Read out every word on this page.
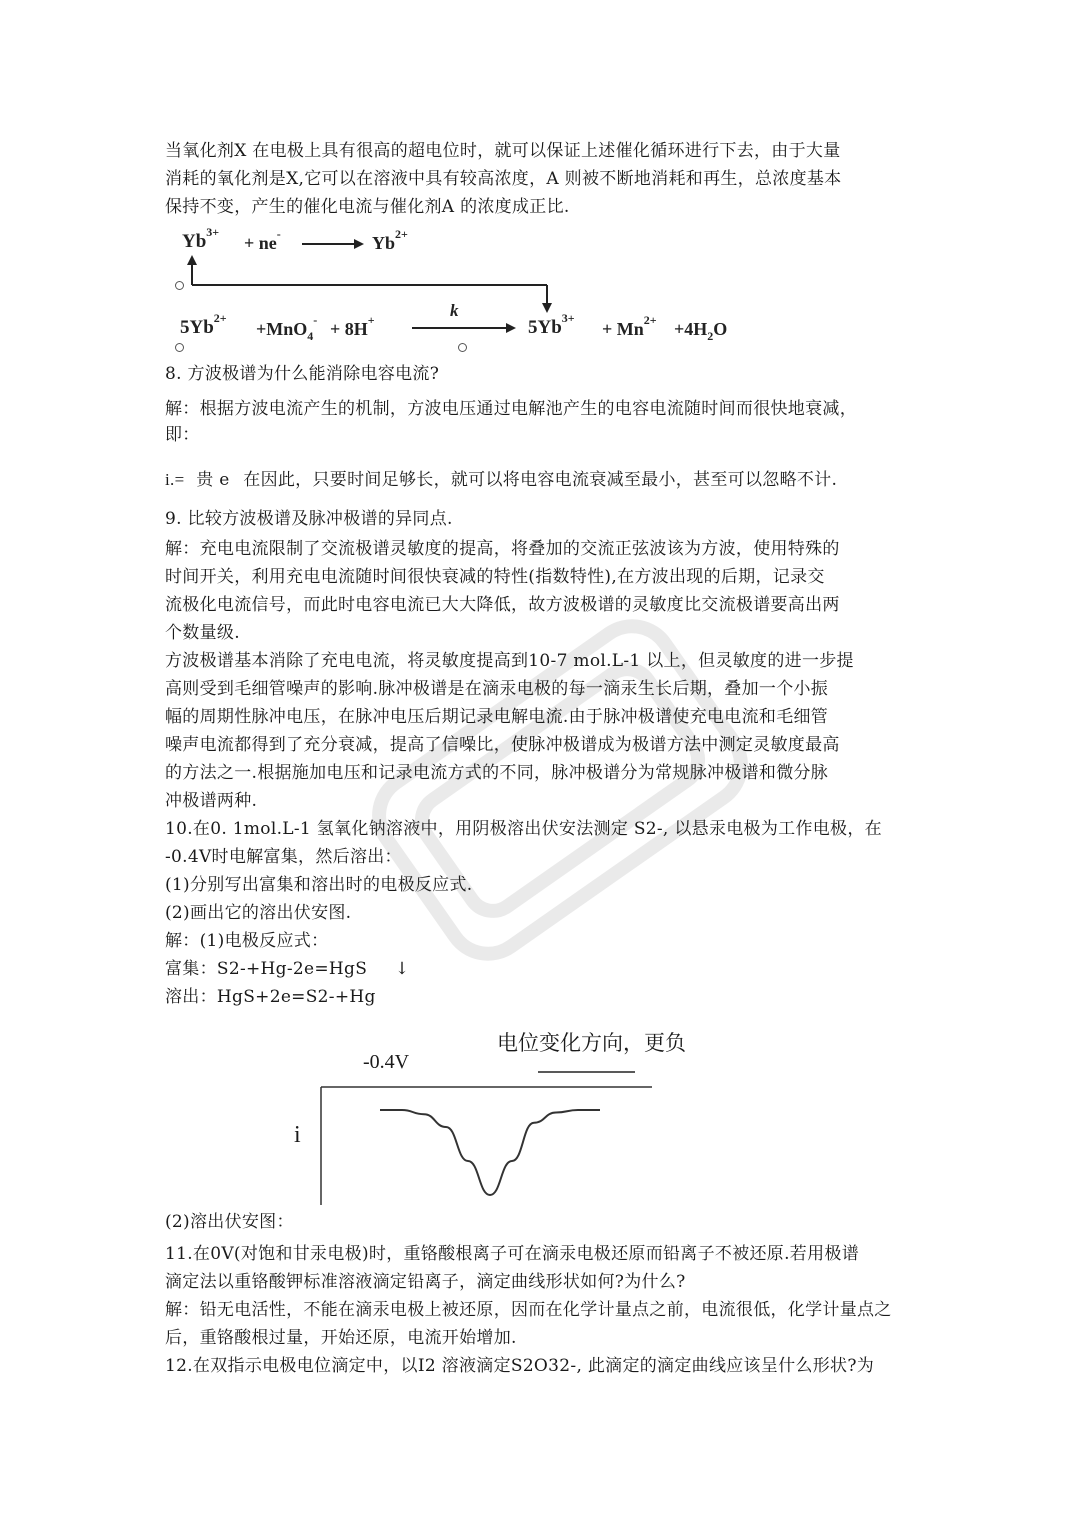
当氧化剂X 在电极上具有很高的超电位时，就可以保证上述催化循环进行下去，由于大量
消耗的氧化剂是X,它可以在溶液中具有较高浓度，A 则被不断地消耗和再生，总浓度基本
保持不变，产生的催化电流与催化剂A 的浓度成正比.
$Yb^{3+}$
+ ne-	$Yb^{2+}$
$5Yb^{2+}$
+MnO$_4$- + 8H+	k
$5Yb^{3+}$
+ $Mn^{2+} +4H_2O$
8. 方波极谱为什么能消除电容电流?
解：根据方波电流产生的机制，方波电压通过电解池产生的电容电流随时间而很快地衰减，
即：
i.= 贵 e 在因此，只要时间足够长，就可以将电容电流衰减至最小，甚至可以忽略不计.
9. 比较方波极谱及脉冲极谱的异同点.
解：充电电流限制了交流极谱灵敏度的提高，将叠加的交流正弦波该为方波，使用特殊的
时间开关，利用充电电流随时间很快衰减的特性(指数特性),在方波出现的后期，记录交
流极化电流信号，而此时电容电流已大大降低，故方波极谱的灵敏度比交流极谱要高出两
个数量级.
方波极谱基本消除了充电电流，将灵敏度提高到10-7 mol.L-1 以上，但灵敏度的进一步提
高则受到毛细管噪声的影响.脉冲极谱是在滴汞电极的每一滴汞生长后期，叠加一个小振
幅的周期性脉冲电压，在脉冲电压后期记录电解电流.由于脉冲极谱使充电电流和毛细管
噪声电流都得到了充分衰减，提高了信噪比，使脉冲极谱成为极谱方法中测定灵敏度最高
的方法之一.根据施加电压和记录电流方式的不同，脉冲极谱分为常规脉冲极谱和微分脉
冲极谱两种.
10.在0. 1mol.L-1 氢氧化钠溶液中，用阴极溶出伏安法测定 S2-, 以悬汞电极为工作电极，在
-0.4V时电解富集，然后溶出：
(1)分别写出富集和溶出时的电极反应式.
(2)画出它的溶出伏安图.
解：(1)电极反应式：
富集：S2-+Hg-2e=HgS ↓
溶出：HgS+2e=S2-+Hg
电位变化方向，更负
-0.4V
i
(2)溶出伏安图：
11.在0V(对饱和甘汞电极)时，重铬酸根离子可在滴汞电极还原而铅离子不被还原.若用极谱
滴定法以重铬酸钾标准溶液滴定铅离子，滴定曲线形状如何?为什么?
解：铅无电活性，不能在滴汞电极上被还原，因而在化学计量点之前，电流很低，化学计量点之
后，重铬酸根过量，开始还原，电流开始增加.
12.在双指示电极电位滴定中，以I2 溶液滴定S2O32-, 此滴定的滴定曲线应该呈什么形状?为
